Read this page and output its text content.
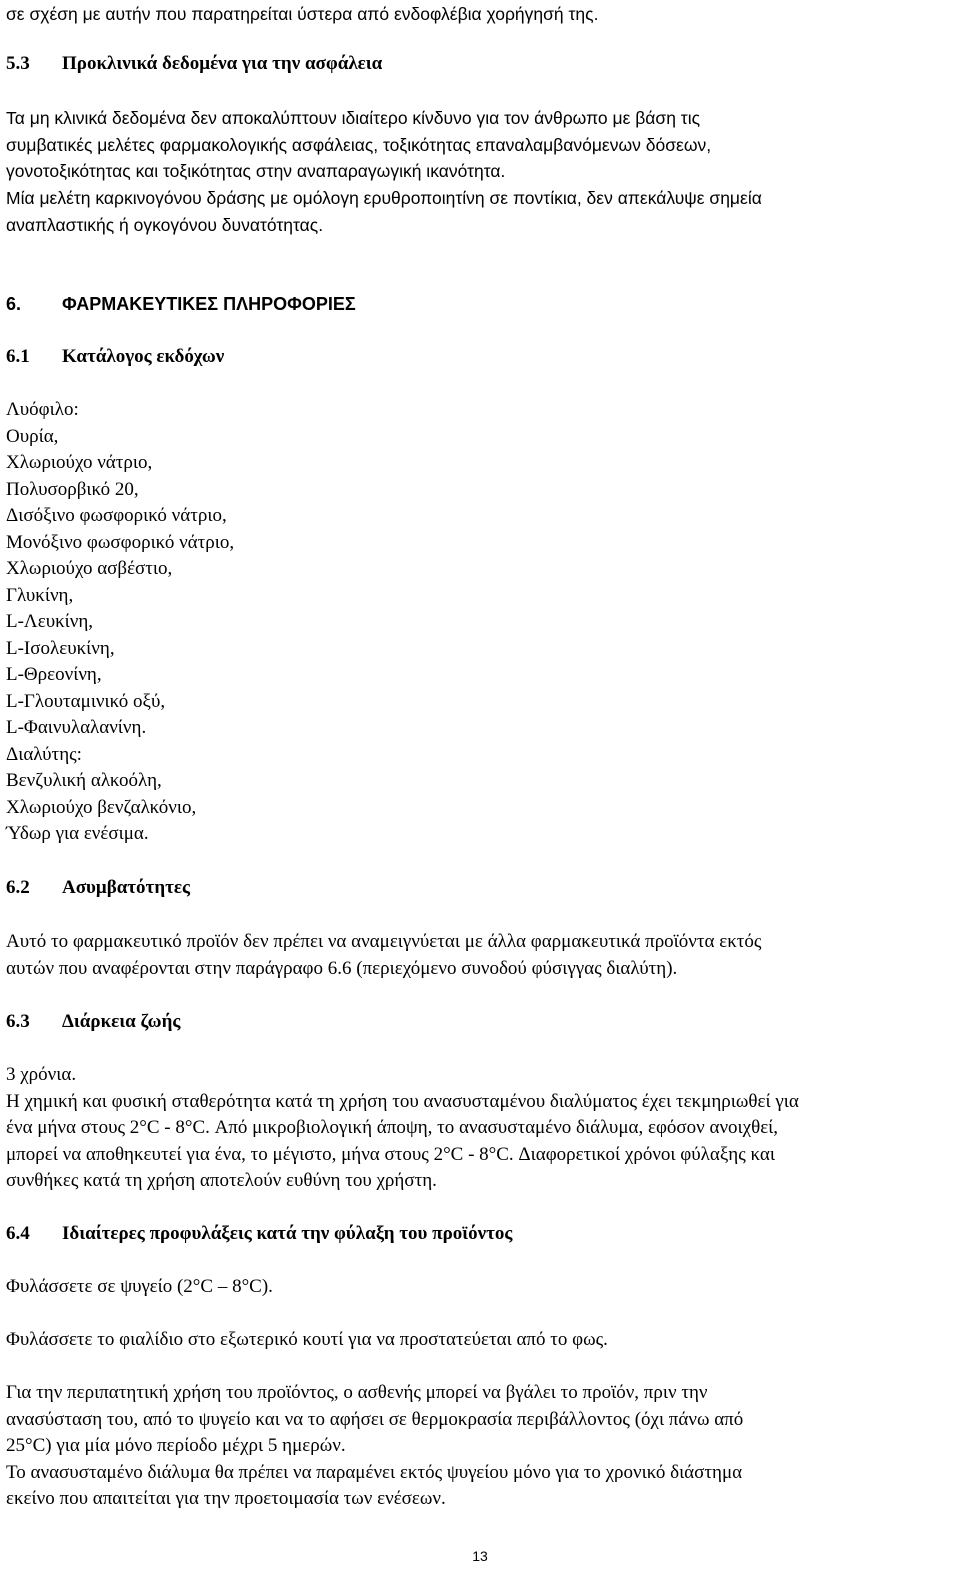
σε σχέση με αυτήν που παρατηρείται ύστερα από ενδοφλέβια χορήγησή της.
5.3	Προκλινικά δεδομένα για την ασφάλεια
Τα μη κλινικά δεδομένα δεν αποκαλύπτουν ιδιαίτερο κίνδυνο για τον άνθρωπο με βάση τις
συμβατικές μελέτες φαρμακολογικής ασφάλειας, τοξικότητας επαναλαμβανόμενων δόσεων,
γονοτοξικότητας και τοξικότητας στην αναπαραγωγική ικανότητα.
Μία μελέτη καρκινογόνου δράσης με ομόλογη ερυθροποιητίνη σε ποντίκια, δεν απεκάλυψε σημεία
αναπλαστικής ή ογκογόνου δυνατότητας.
6.	ΦΑΡΜΑΚΕΥΤΙΚΕΣ ΠΛΗΡΟΦΟΡΙΕΣ
6.1	Κατάλογος εκδόχων
Λυόφιλο:
Ουρία,
Χλωριούχο νάτριο,
Πολυσορβικό 20,
Δισόξινο φωσφορικό νάτριο,
Μονόξινο φωσφορικό νάτριο,
Χλωριούχο ασβέστιο,
Γλυκίνη,
L-Λευκίνη,
L-Ισολευκίνη,
L-Θρεονίνη,
L-Γλουταμινικό οξύ,
L-Φαινυλαλανίνη.
Διαλύτης:
Βενζυλική αλκοόλη,
Χλωριούχο βενζαλκόνιο,
Ύδωρ για ενέσιμα.
6.2	Ασυμβατότητες
Αυτό το φαρμακευτικό προϊόν δεν πρέπει να αναμειγνύεται με άλλα φαρμακευτικά προϊόντα εκτός
αυτών που αναφέρονται στην παράγραφο 6.6 (περιεχόμενο συνοδού φύσιγγας διαλύτη).
6.3	Διάρκεια ζωής
3 χρόνια.
Η χημική και φυσική σταθερότητα κατά τη χρήση του ανασυσταμένου διαλύματος έχει τεκμηριωθεί για
ένα μήνα στους 2°C - 8°C. Από μικροβιολογική άποψη, το ανασυσταμένο διάλυμα, εφόσον ανοιχθεί,
μπορεί να αποθηκευτεί για ένα, το μέγιστο, μήνα στους 2°C - 8°C. Διαφορετικοί χρόνοι φύλαξης και
συνθήκες κατά τη χρήση αποτελούν ευθύνη του χρήστη.
6.4	Ιδιαίτερες προφυλάξεις κατά την φύλαξη του προϊόντος
Φυλάσσετε σε ψυγείο (2°C – 8°C).
Φυλάσσετε το φιαλίδιο στο εξωτερικό κουτί για να προστατεύεται από το φως.
Για την περιπατητική χρήση του προϊόντος, ο ασθενής μπορεί να βγάλει το προϊόν, πριν την
ανασύσταση του, από το ψυγείο και να το αφήσει σε θερμοκρασία περιβάλλοντος (όχι πάνω από
25°C) για μία μόνο περίοδο μέχρι 5 ημερών.
Το ανασυσταμένο διάλυμα θα πρέπει να παραμένει εκτός ψυγείου μόνο για το χρονικό διάστημα
εκείνο που απαιτείται για την προετοιμασία των ενέσεων.
13
